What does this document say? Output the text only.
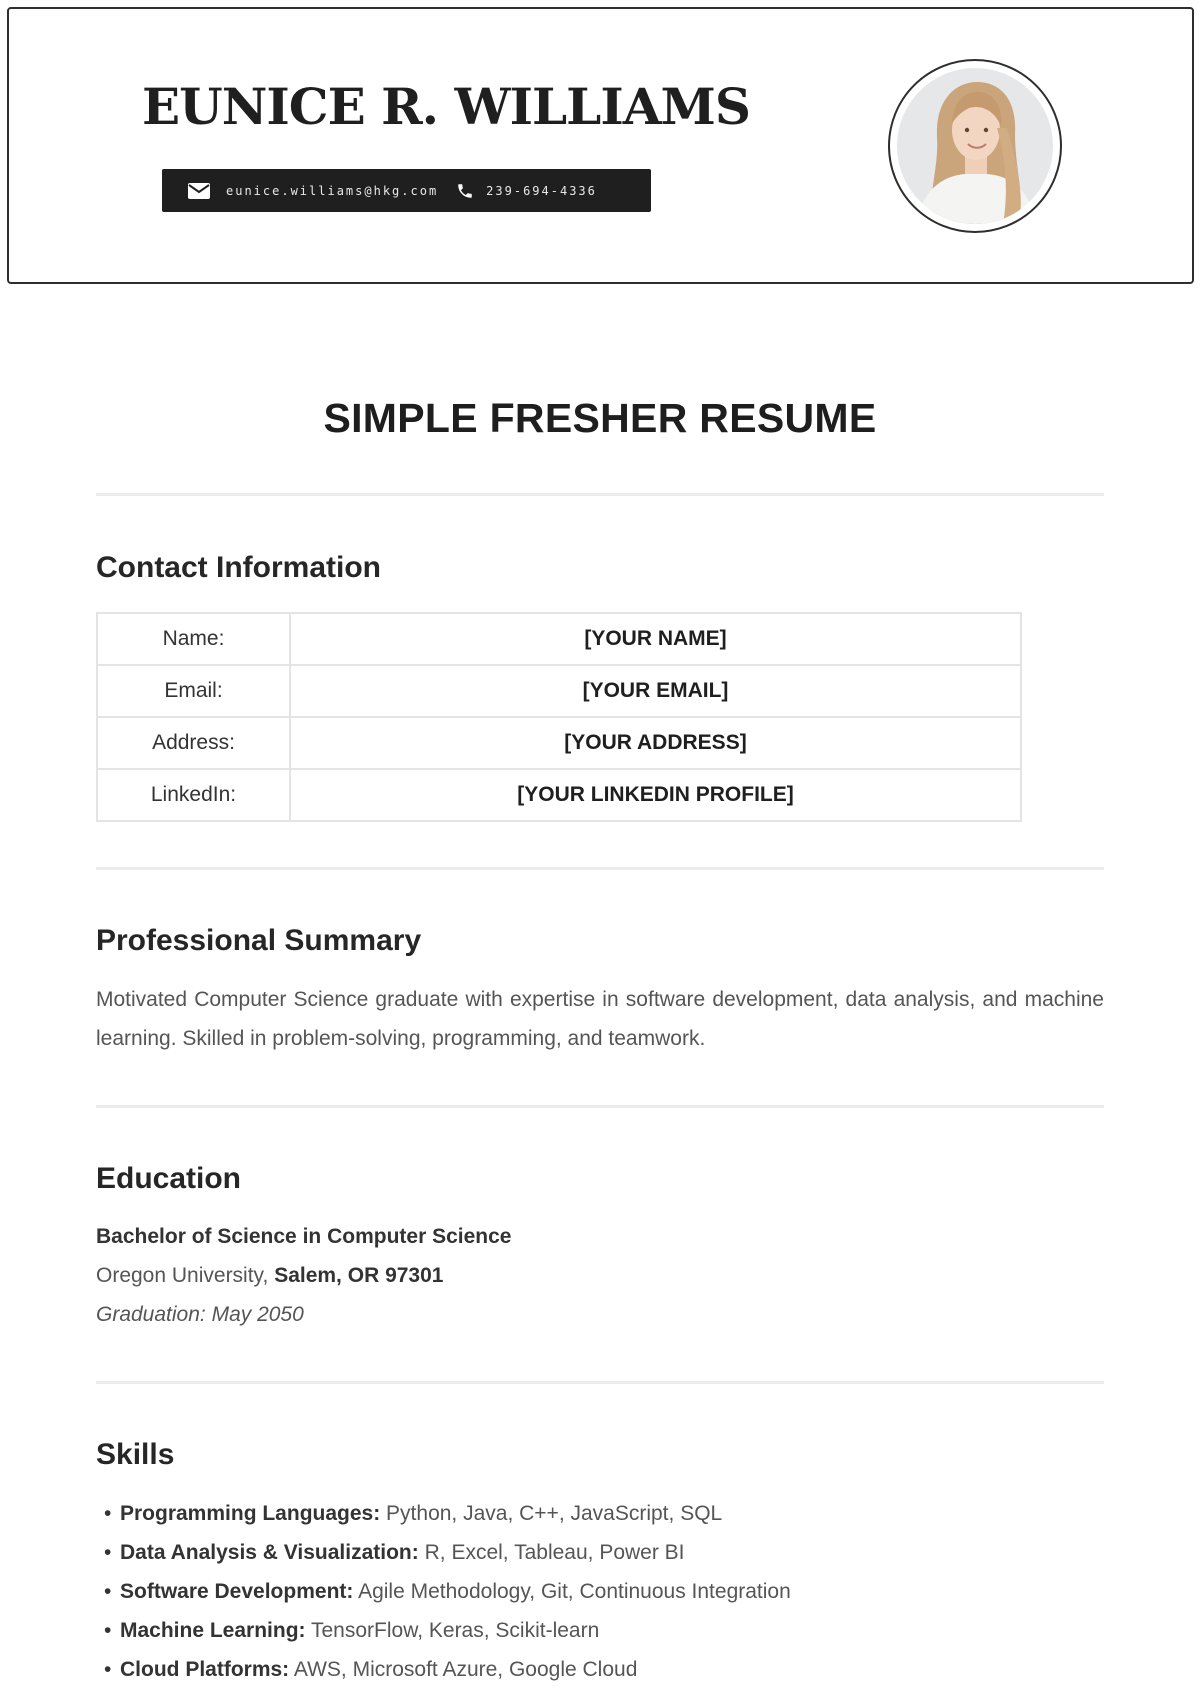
EUNICE R. WILLIAMS
eunice.williams@hkg.com	239-694-4336
SIMPLE FRESHER RESUME
Contact Information
Name:	[YOUR NAME]
Email:	[YOUR EMAIL]
Address:	[YOUR ADDRESS]
LinkedIn:	[YOUR LINKEDIN PROFILE]
Professional Summary
Motivated Computer Science graduate with expertise in software development, data analysis, and machine learning. Skilled in problem-solving, programming, and teamwork.
Education
Bachelor of Science in Computer Science
Oregon University, Salem, OR 97301
Graduation: May 2050
Skills
• Programming Languages: Python, Java, C++, JavaScript, SQL
• Data Analysis & Visualization: R, Excel, Tableau, Power BI
• Software Development: Agile Methodology, Git, Continuous Integration
• Machine Learning: TensorFlow, Keras, Scikit-learn
• Cloud Platforms: AWS, Microsoft Azure, Google Cloud
